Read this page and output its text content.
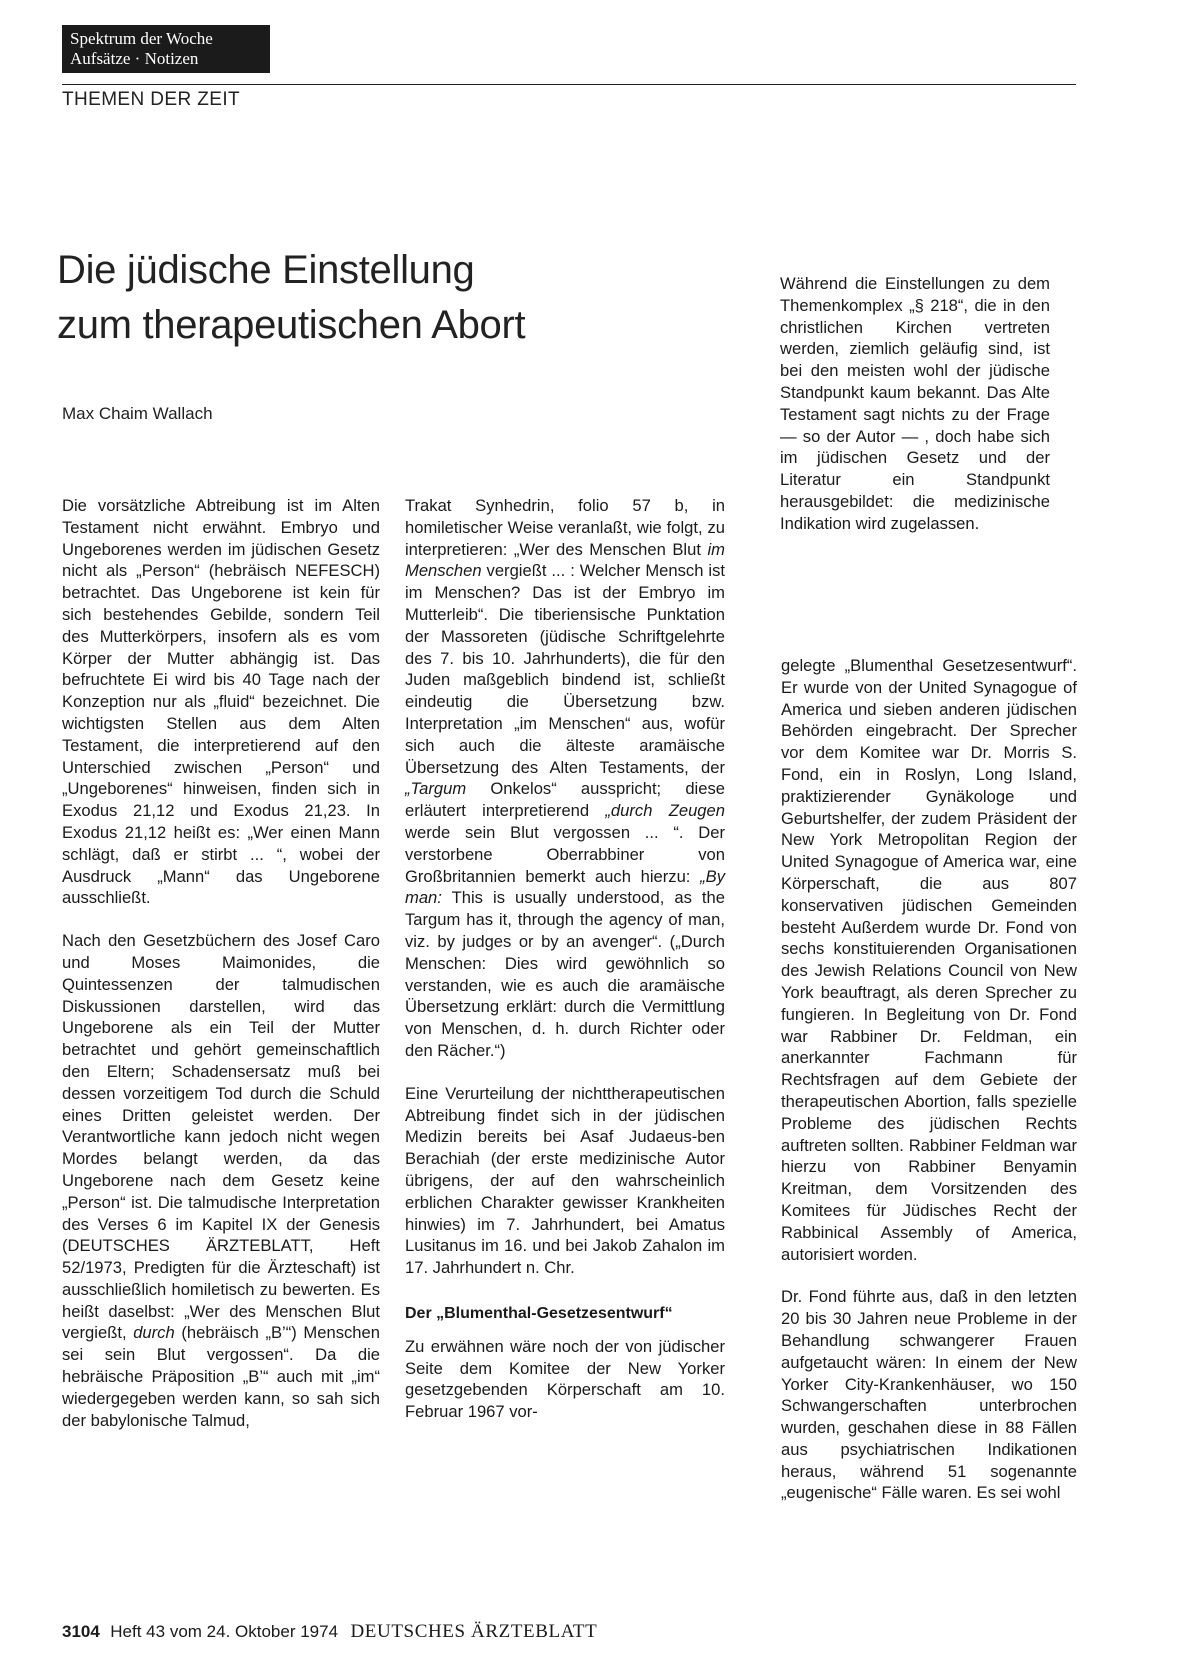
Spektrum der Woche
Aufsätze · Notizen
THEMEN DER ZEIT
Die jüdische Einstellung
zum therapeutischen Abort
Max Chaim Wallach

Die vorsätzliche Abtreibung ist im Alten Testament nicht erwähnt. Embryo und Ungeborenes werden im jüdischen Gesetz nicht als „Person“ (hebräisch NEFESCH) betrachtet. Das Ungeborene ist kein für sich bestehendes Gebilde, sondern Teil des Mutterkörpers, insofern als es vom Körper der Mutter abhängig ist. Das befruchtete Ei wird bis 40 Tage nach der Konzeption nur als „fluid“ bezeichnet. Die wichtigsten Stellen aus dem Alten Testament, die interpretierend auf den Unterschied zwischen „Person“ und „Ungeborenes“ hinweisen, finden sich in Exodus 21,12 und Exodus 21,23. In Exodus 21,12 heißt es: „Wer einen Mann schlägt, daß er stirbt ... “, wobei der Ausdruck „Mann“ das Ungeborene ausschließt.

Nach den Gesetzbüchern des Josef Caro und Moses Maimonides, die Quintessenzen der talmudischen Diskussionen darstellen, wird das Ungeborene als ein Teil der Mutter betrachtet und gehört gemeinschaftlich den Eltern; Schadensersatz muß bei dessen vorzeitigem Tod durch die Schuld eines Dritten geleistet werden. Der Verantwortliche kann jedoch nicht wegen Mordes belangt werden, da das Ungeborene nach dem Gesetz keine „Person“ ist. Die talmudische Interpretation des Verses 6 im Kapitel IX der Genesis (DEUTSCHES ÄRZTEBLATT, Heft 52/1973, Predigten für die Ärzteschaft) ist ausschließlich homiletisch zu bewerten. Es heißt daselbst: „Wer des Menschen Blut vergießt, durch (hebräisch „B’“) Menschen sei sein Blut vergossen“. Da die hebräische Präposition „B’“ auch mit „im“ wiedergegeben werden kann, so sah sich der babylonische Talmud,

Trakat Synhedrin, folio 57 b, in homiletischer Weise veranlaßt, wie folgt, zu interpretieren: „Wer des Menschen Blut im Menschen vergießt ... : Welcher Mensch ist im Menschen? Das ist der Embryo im Mutterleib“. Die tiberiensische Punktation der Massoreten (jüdische Schriftgelehrte des 7. bis 10. Jahrhunderts), die für den Juden maßgeblich bindend ist, schließt eindeutig die Übersetzung bzw. Interpretation „im Menschen“ aus, wofür sich auch die älteste aramäische Übersetzung des Alten Testaments, der „Targum Onkelos“ ausspricht; diese erläutert interpretierend „durch Zeugen werde sein Blut vergossen ... “. Der verstorbene Oberrabbiner von Großbritannien bemerkt auch hierzu: „By man: This is usually understood, as the Targum has it, through the agency of man, viz. by judges or by an avenger“. („Durch Menschen: Dies wird gewöhnlich so verstanden, wie es auch die aramäische Übersetzung erklärt: durch die Vermittlung von Menschen, d. h. durch Richter oder den Rächer.“)

Eine Verurteilung der nichttherapeutischen Abtreibung findet sich in der jüdischen Medizin bereits bei Asaf Judaeus-ben Berachiah (der erste medizinische Autor übrigens, der auf den wahrscheinlich erblichen Charakter gewisser Krankheiten hinwies) im 7. Jahrhundert, bei Amatus Lusitanus im 16. und bei Jakob Zahalon im 17. Jahrhundert n. Chr.

Der „Blumenthal-Gesetzesentwurf“

Zu erwähnen wäre noch der von jüdischer Seite dem Komitee der New Yorker gesetzgebenden Körperschaft am 10. Februar 1967 vor-

Während die Einstellungen zu dem Themenkomplex „§ 218“, die in den christlichen Kirchen vertreten werden, ziemlich geläufig sind, ist bei den meisten wohl der jüdische Standpunkt kaum bekannt. Das Alte Testament sagt nichts zu der Frage — so der Autor — , doch habe sich im jüdischen Gesetz und der Literatur ein Standpunkt herausgebildet: die medizinische Indikation wird zugelassen.

gelegte „Blumenthal Gesetzesentwurf“. Er wurde von der United Synagogue of America und sieben anderen jüdischen Behörden eingebracht. Der Sprecher vor dem Komitee war Dr. Morris S. Fond, ein in Roslyn, Long Island, praktizierender Gynäkologe und Geburtshelfer, der zudem Präsident der New York Metropolitan Region der United Synagogue of America war, eine Körperschaft, die aus 807 konservativen jüdischen Gemeinden besteht Außerdem wurde Dr. Fond von sechs konstituierenden Organisationen des Jewish Relations Council von New York beauftragt, als deren Sprecher zu fungieren. In Begleitung von Dr. Fond war Rabbiner Dr. Feldman, ein anerkannter Fachmann für Rechtsfragen auf dem Gebiete der therapeutischen Abortion, falls spezielle Probleme des jüdischen Rechts auftreten sollten. Rabbiner Feldman war hierzu von Rabbiner Benyamin Kreitman, dem Vorsitzenden des Komitees für Jüdisches Recht der Rabbinical Assembly of America, autorisiert worden.

Dr. Fond führte aus, daß in den letzten 20 bis 30 Jahren neue Probleme in der Behandlung schwangerer Frauen aufgetaucht wären: In einem der New Yorker City-Krankenhäuser, wo 150 Schwangerschaften unterbrochen wurden, geschahen diese in 88 Fällen aus psychiatrischen Indikationen heraus, während 51 sogenannte „eugenische“ Fälle waren. Es sei wohl

3104 Heft 43 vom 24. Oktober 1974 DEUTSCHES ÄRZTEBLATT
